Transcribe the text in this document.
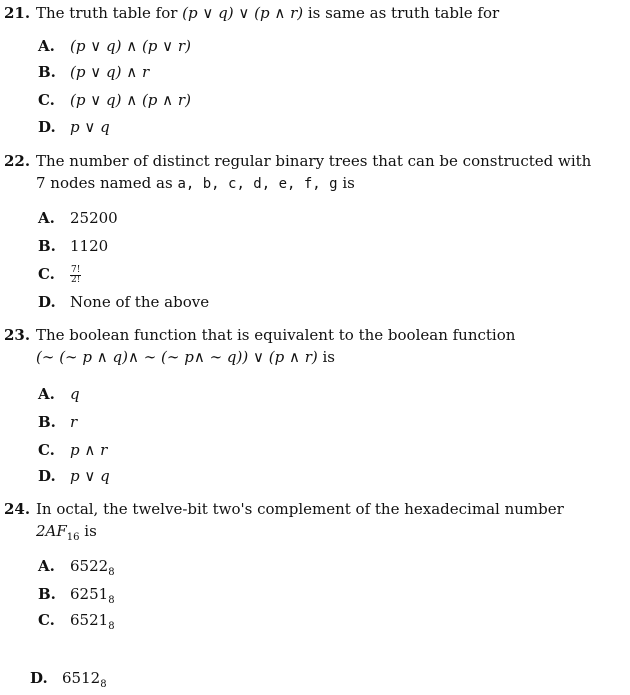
21. The truth table for (p ∨ q) ∨ (p ∧ r) is same as truth table for
A. (p ∨ q) ∧ (p ∨ r)
B. (p ∨ q) ∧ r
C. (p ∨ q) ∧ (p ∧ r)
D. p ∨ q
22. The number of distinct regular binary trees that can be constructed with
7 nodes named as a, b, c, d, e, f, g is
A. 25200
B. 1120
C. $\frac{7!}{2!}$
D. None of the above
23. The boolean function that is equivalent to the boolean function
(∼ (∼ p ∧ q)∧ ∼ (∼ p∧ ∼ q)) ∨ (p ∧ r) is
A. q
B. r
C. p ∧ r
D. p ∨ q
24. In octal, the twelve-bit two's complement of the hexadecimal number
$2AF_{16}$ is
A. $6522_8$
B. $6251_8$
C. $6521_8$
D. $6512_8$
